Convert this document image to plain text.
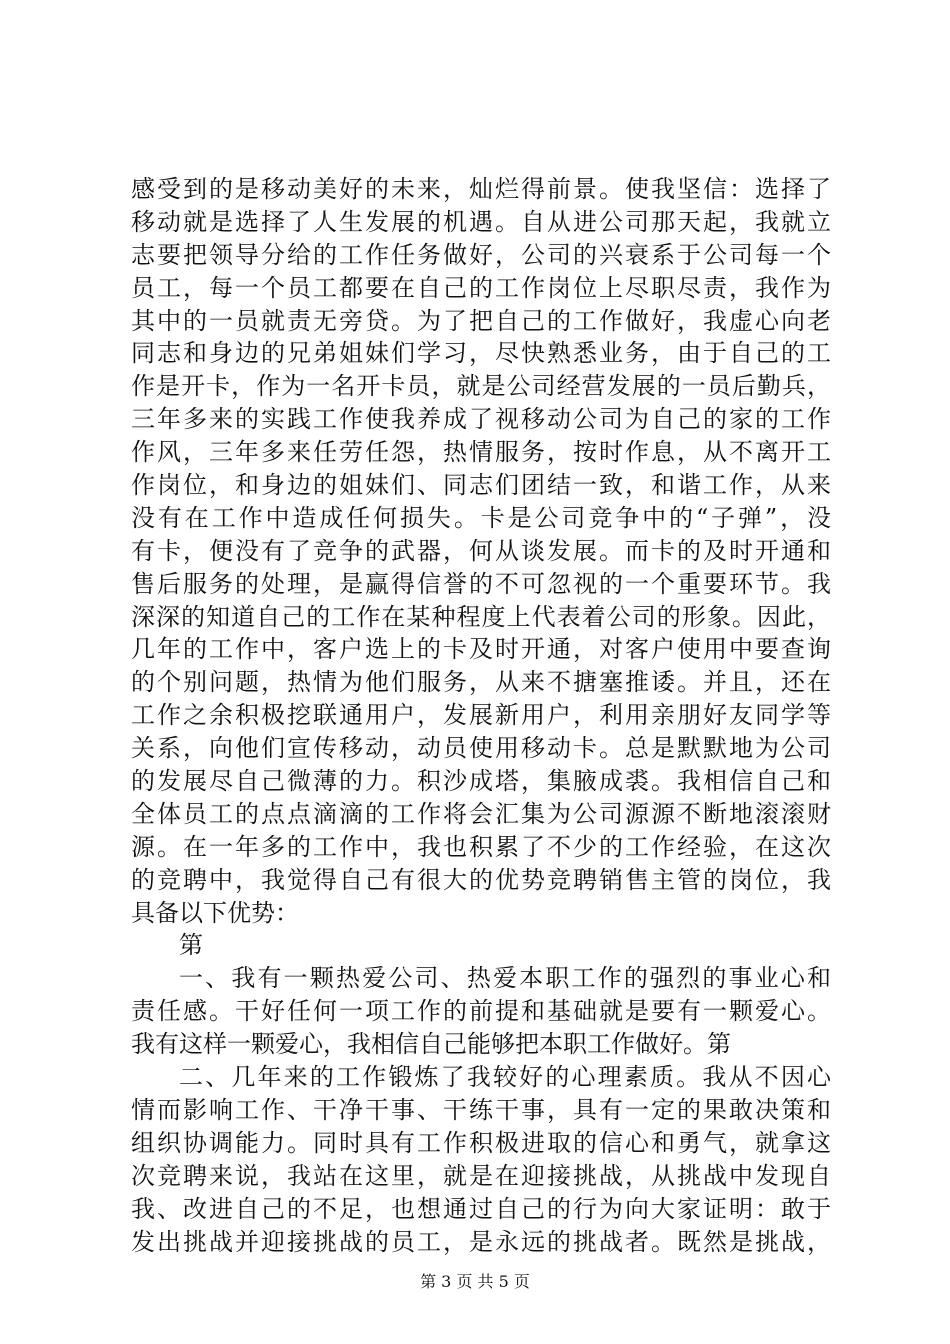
感受到的是移动美好的未来，灿烂得前景。使我坚信：选择了
移动就是选择了人生发展的机遇。自从进公司那天起，我就立
志要把领导分给的工作任务做好，公司的兴衰系于公司每一个
员工，每一个员工都要在自己的工作岗位上尽职尽责，我作为
其中的一员就责无旁贷。为了把自己的工作做好，我虚心向老
同志和身边的兄弟姐妹们学习，尽快熟悉业务，由于自己的工
作是开卡，作为一名开卡员，就是公司经营发展的一员后勤兵，
三年多来的实践工作使我养成了视移动公司为自己的家的工作
作风，三年多来任劳任怨，热情服务，按时作息，从不离开工
作岗位，和身边的姐妹们、同志们团结一致，和谐工作，从来
没有在工作中造成任何损失。卡是公司竞争中的“子弹”，没
有卡，便没有了竞争的武器，何从谈发展。而卡的及时开通和
售后服务的处理，是赢得信誉的不可忽视的一个重要环节。我
深深的知道自己的工作在某种程度上代表着公司的形象。因此，
几年的工作中，客户选上的卡及时开通，对客户使用中要查询
的个别问题，热情为他们服务，从来不搪塞推诿。并且，还在
工作之余积极挖联通用户，发展新用户，利用亲朋好友同学等
关系，向他们宣传移动，动员使用移动卡。总是默默地为公司
的发展尽自己微薄的力。积沙成塔，集腋成裘。我相信自己和
全体员工的点点滴滴的工作将会汇集为公司源源不断地滚滚财
源。在一年多的工作中，我也积累了不少的工作经验，在这次
的竞聘中，我觉得自己有很大的优势竞聘销售主管的岗位，我
具备以下优势：
第
一、我有一颗热爱公司、热爱本职工作的强烈的事业心和
责任感。干好任何一项工作的前提和基础就是要有一颗爱心。
我有这样一颗爱心，我相信自己能够把本职工作做好。第
二、几年来的工作锻炼了我较好的心理素质。我从不因心
情而影响工作、干净干事、干练干事，具有一定的果敢决策和
组织协调能力。同时具有工作积极进取的信心和勇气，就拿这
次竞聘来说，我站在这里，就是在迎接挑战，从挑战中发现自
我、改进自己的不足，也想通过自己的行为向大家证明：敢于
发出挑战并迎接挑战的员工，是永远的挑战者。既然是挑战，
第 3 页 共 5 页
